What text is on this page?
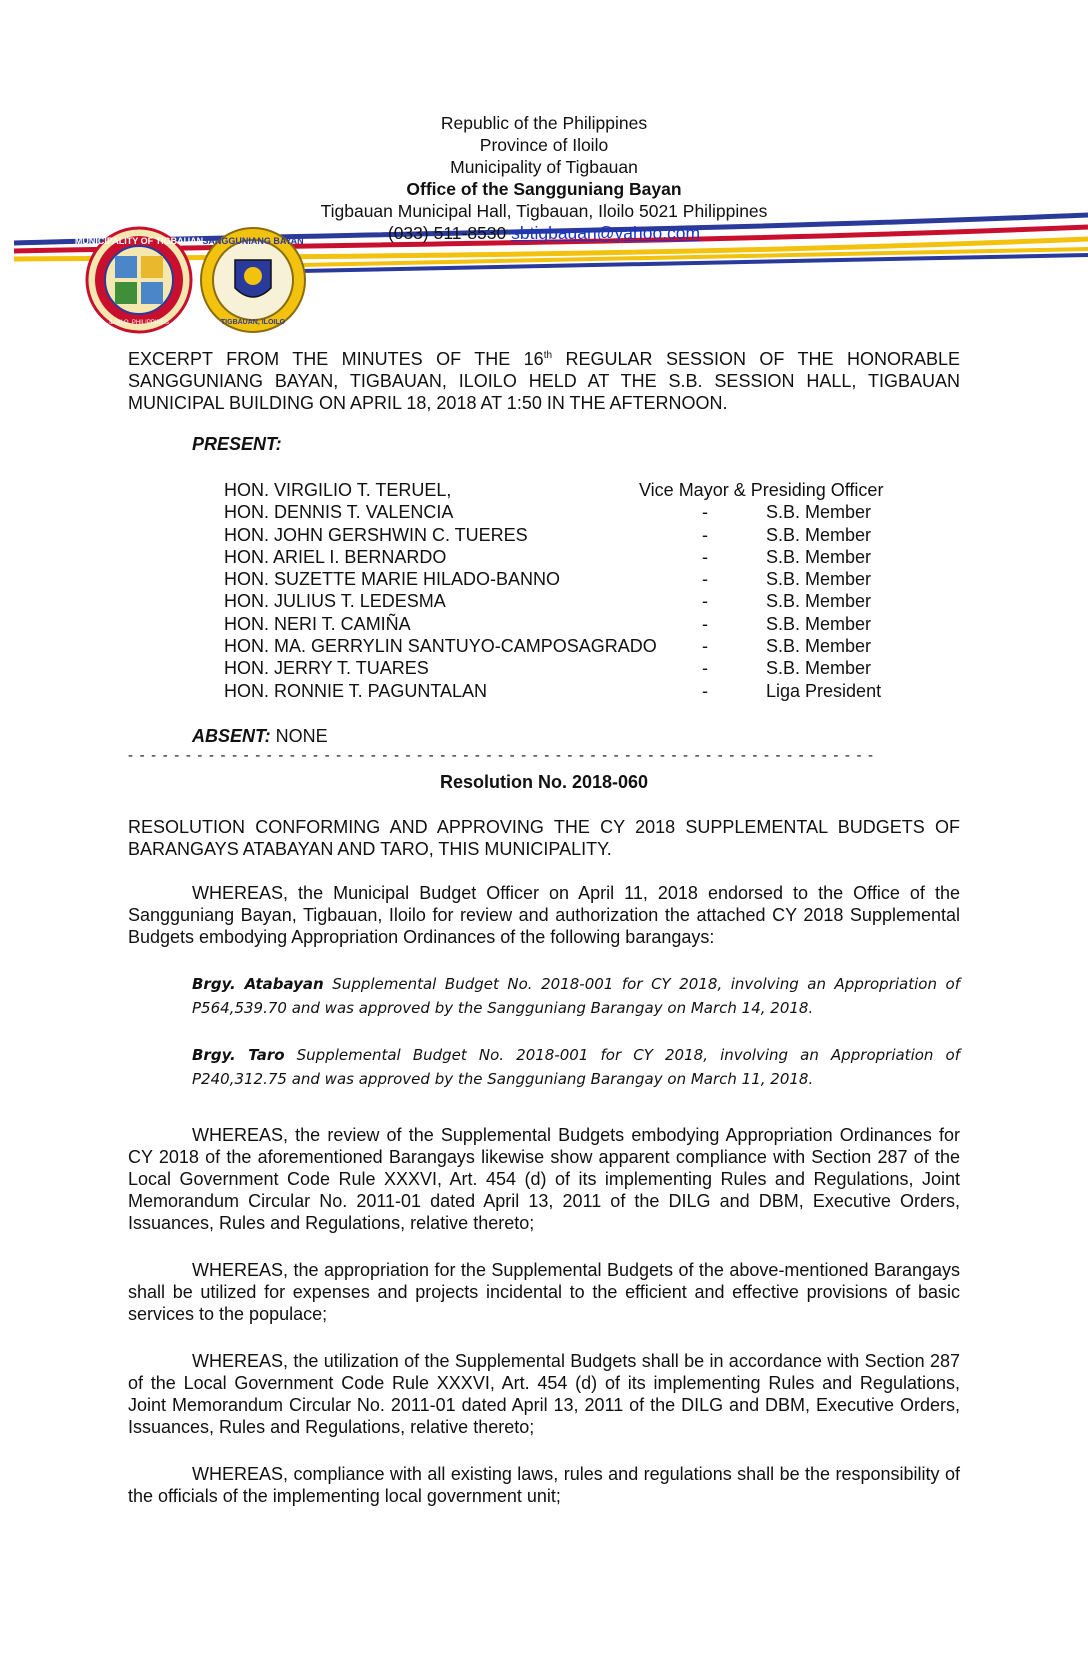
MUNICIPALITY OF TIGBAUAN
ILOILO, PHILIPPINES
SANGGUNIANG BAYAN
TIGBAUAN, ILOILO
Republic of the Philippines
Province of Iloilo
Municipality of Tigbauan
Office of the Sangguniang Bayan
Tigbauan Municipal Hall, Tigbauan, Iloilo 5021 Philippines
(033) 511-8530 sbtigbauan@yahoo.com
EXCERPT FROM THE MINUTES OF THE 16th REGULAR SESSION OF THE HONORABLE SANGGUNIANG BAYAN, TIGBAUAN, ILOILO HELD AT THE S.B. SESSION HALL, TIGBAUAN MUNICIPAL BUILDING ON APRIL 18, 2018 AT 1:50 IN THE AFTERNOON.
PRESENT:
HON. VIRGILIO T. TERUEL,	Vice Mayor & Presiding Officer
HON. DENNIS T. VALENCIA	-	S.B. Member
HON. JOHN GERSHWIN C. TUERES	-	S.B. Member
HON. ARIEL I. BERNARDO	-	S.B. Member
HON. SUZETTE MARIE HILADO-BANNO	-	S.B. Member
HON. JULIUS T. LEDESMA	-	S.B. Member
HON. NERI T. CAMIÑA	-	S.B. Member
HON. MA. GERRYLIN SANTUYO-CAMPOSAGRADO	-	S.B. Member
HON. JERRY T. TUARES	-	S.B. Member
HON. RONNIE T. PAGUNTALAN	-	Liga President
ABSENT: NONE
- - - - - - - - - - - - - - - - - - - - - - - - - - - - - - - - - - - - - - - - - - - - - - - - - - - - - - - - - - - - - - - - -
Resolution No. 2018-060
RESOLUTION CONFORMING AND APPROVING THE CY 2018 SUPPLEMENTAL BUDGETS OF BARANGAYS ATABAYAN AND TARO, THIS MUNICIPALITY.
WHEREAS, the Municipal Budget Officer on April 11, 2018 endorsed to the Office of the Sangguniang Bayan, Tigbauan, Iloilo for review and authorization the attached CY 2018 Supplemental Budgets embodying Appropriation Ordinances of the following barangays:
Brgy. Atabayan Supplemental Budget No. 2018-001 for CY 2018, involving an Appropriation of P564,539.70 and was approved by the Sangguniang Barangay on March 14, 2018.
Brgy. Taro Supplemental Budget No. 2018-001 for CY 2018, involving an Appropriation of P240,312.75 and was approved by the Sangguniang Barangay on March 11, 2018.
WHEREAS, the review of the Supplemental Budgets embodying Appropriation Ordinances for CY 2018 of the aforementioned Barangays likewise show apparent compliance with Section 287 of the Local Government Code Rule XXXVI, Art. 454 (d) of its implementing Rules and Regulations, Joint Memorandum Circular No. 2011-01 dated April 13, 2011 of the DILG and DBM, Executive Orders, Issuances, Rules and Regulations, relative thereto;
WHEREAS, the appropriation for the Supplemental Budgets of the above-mentioned Barangays shall be utilized for expenses and projects incidental to the efficient and effective provisions of basic services to the populace;
WHEREAS, the utilization of the Supplemental Budgets shall be in accordance with Section 287 of the Local Government Code Rule XXXVI, Art. 454 (d) of its implementing Rules and Regulations, Joint Memorandum Circular No. 2011-01 dated April 13, 2011 of the DILG and DBM, Executive Orders, Issuances, Rules and Regulations, relative thereto;
WHEREAS, compliance with all existing laws, rules and regulations shall be the responsibility of the officials of the implementing local government unit;
